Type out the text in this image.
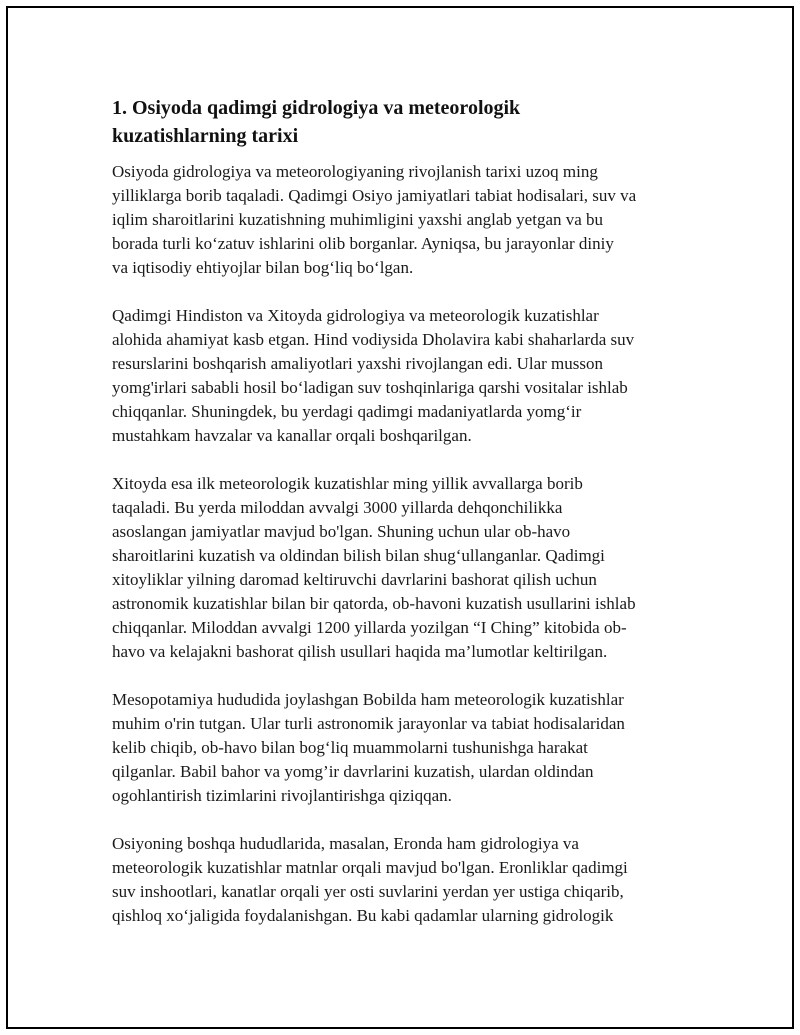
1. Osiyoda qadimgi gidrologiya va meteorologik
kuzatishlarning tarixi
Osiyoda gidrologiya va meteorologiyaning rivojlanish tarixi uzoq ming
yilliklarga borib taqaladi. Qadimgi Osiyo jamiyatlari tabiat hodisalari, suv va
iqlim sharoitlarini kuzatishning muhimligini yaxshi anglab yetgan va bu
borada turli ko‘zatuv ishlarini olib borganlar. Ayniqsa, bu jarayonlar diniy
va iqtisodiy ehtiyojlar bilan bog‘liq bo‘lgan.
Qadimgi Hindiston va Xitoyda gidrologiya va meteorologik kuzatishlar
alohida ahamiyat kasb etgan. Hind vodiysida Dholavira kabi shaharlarda suv
resurslarini boshqarish amaliyotlari yaxshi rivojlangan edi. Ular musson
yomg'irlari sababli hosil bo‘ladigan suv toshqinlariga qarshi vositalar ishlab
chiqqanlar. Shuningdek, bu yerdagi qadimgi madaniyatlarda yomg‘ir
mustahkam havzalar va kanallar orqali boshqarilgan.
Xitoyda esa ilk meteorologik kuzatishlar ming yillik avvallarga borib
taqaladi. Bu yerda miloddan avvalgi 3000 yillarda dehqonchilikka
asoslangan jamiyatlar mavjud bo'lgan. Shuning uchun ular ob-havo
sharoitlarini kuzatish va oldindan bilish bilan shug‘ullanganlar. Qadimgi
xitoyliklar yilning daromad keltiruvchi davrlarini bashorat qilish uchun
astronomik kuzatishlar bilan bir qatorda, ob-havoni kuzatish usullarini ishlab
chiqqanlar. Miloddan avvalgi 1200 yillarda yozilgan “I Ching” kitobida ob-
havo va kelajakni bashorat qilish usullari haqida ma’lumotlar keltirilgan.
Mesopotamiya hududida joylashgan Bobilda ham meteorologik kuzatishlar
muhim o'rin tutgan. Ular turli astronomik jarayonlar va tabiat hodisalaridan
kelib chiqib, ob-havo bilan bog‘liq muammolarni tushunishga harakat
qilganlar. Babil bahor va yomg’ir davrlarini kuzatish, ulardan oldindan
ogohlantirish tizimlarini rivojlantirishga qiziqqan.
Osiyoning boshqa hududlarida, masalan, Eronda ham gidrologiya va
meteorologik kuzatishlar matnlar orqali mavjud bo'lgan. Eronliklar qadimgi
suv inshootlari, kanatlar orqali yer osti suvlarini yerdan yer ustiga chiqarib,
qishloq xo‘jaligida foydalanishgan. Bu kabi qadamlar ularning gidrologik
